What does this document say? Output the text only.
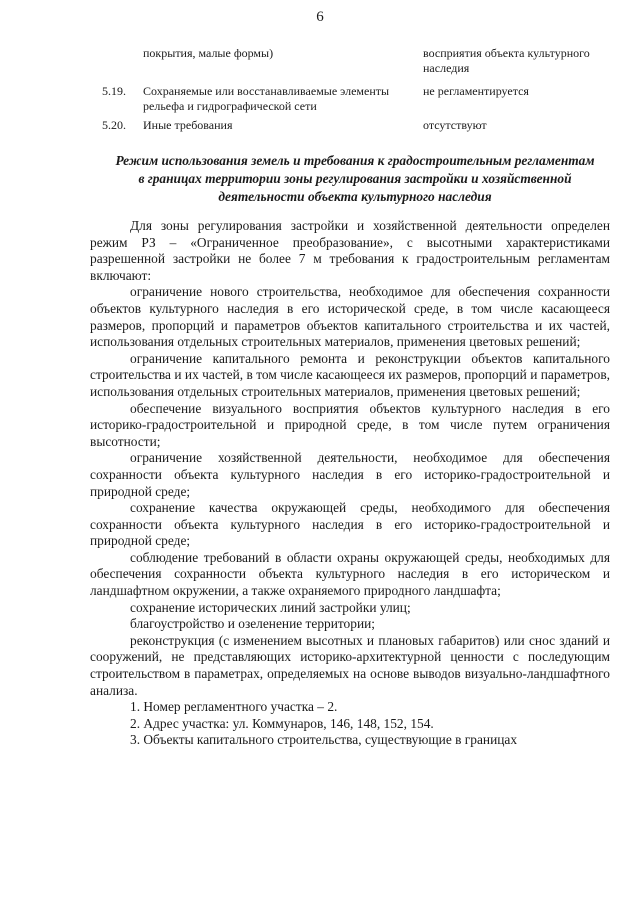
6
покрытия, малые формы)	восприятия объекта культурного наследия
5.19. Сохраняемые или восстанавливаемые элементы рельефа и гидрографической сети
не регламентируется
5.20. Иные требования	отсутствуют
Режим использования земель и требования к градостроительным регламентам в границах территории зоны регулирования застройки и хозяйственной деятельности объекта культурного наследия

Для зоны регулирования застройки и хозяйственной деятельности определен режим РЗ – «Ограниченное преобразование», с высотными характеристиками разрешенной застройки не более 7 м требования к градостроительным регламентам включают:

ограничение нового строительства, необходимое для обеспечения сохранности объектов культурного наследия в его исторической среде, в том числе касающееся размеров, пропорций и параметров объектов капитального строительства и их частей, использования отдельных строительных материалов, применения цветовых решений;

ограничение капитального ремонта и реконструкции объектов капитального строительства и их частей, в том числе касающееся их размеров, пропорций и параметров, использования отдельных строительных материалов, применения цветовых решений;

обеспечение визуального восприятия объектов культурного наследия в его историко-градостроительной и природной среде, в том числе путем ограничения высотности;

ограничение хозяйственной деятельности, необходимое для обеспечения сохранности объекта культурного наследия в его историко-градостроительной и природной среде;

сохранение качества окружающей среды, необходимого для обеспечения сохранности объекта культурного наследия в его историко-градостроительной и природной среде;

соблюдение требований в области охраны окружающей среды, необходимых для обеспечения сохранности объекта культурного наследия в его историческом и ландшафтном окружении, а также охраняемого природного ландшафта;

сохранение исторических линий застройки улиц;

благоустройство и озеленение территории;

реконструкция (с изменением высотных и плановых габаритов) или снос зданий и сооружений, не представляющих историко-архитектурной ценности с последующим строительством в параметрах, определяемых на основе выводов визуально-ландшафтного анализа.

1. Номер регламентного участка – 2.
2. Адрес участка: ул. Коммунаров, 146, 148, 152, 154.
3. Объекты капитального строительства, существующие в границах
